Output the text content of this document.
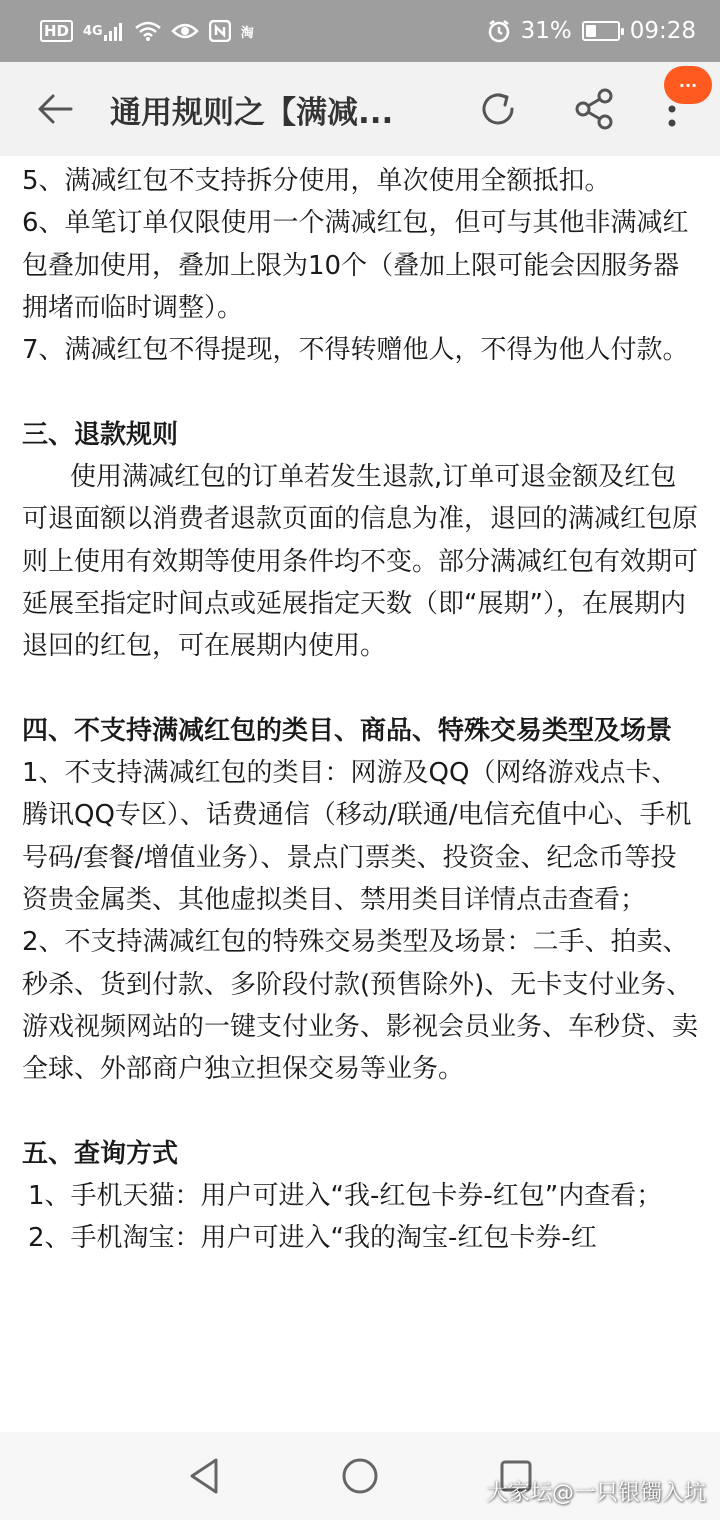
HD	4G	淘	31%	09:28
通用规则之【满减...
···

5、满减红包不支持拆分使用，单次使用全额抵扣。

6、单笔订单仅限使用一个满减红包，但可与其他非满减红包叠加使用，叠加上限为10个（叠加上限可能会因服务器拥堵而临时调整）。

7、满减红包不得提现，不得转赠他人，不得为他人付款。

三、退款规则

使用满减红包的订单若发生退款,订单可退金额及红包可退面额以消费者退款页面的信息为准，退回的满减红包原则上使用有效期等使用条件均不变。部分满减红包有效期可延展至指定时间点或延展指定天数（即“展期”），在展期内退回的红包，可在展期内使用。

四、不支持满减红包的类目、商品、特殊交易类型及场景

1、不支持满减红包的类目：网游及QQ（网络游戏点卡、腾讯QQ专区）、话费通信（移动/联通/电信充值中心、手机号码/套餐/增值业务）、景点门票类、投资金、纪念币等投资贵金属类、其他虚拟类目、禁用类目详情点击查看；

2、不支持满减红包的特殊交易类型及场景：二手、拍卖、秒杀、货到付款、多阶段付款(预售除外)、无卡支付业务、游戏视频网站的一键支付业务、影视会员业务、车秒贷、卖全球、外部商户独立担保交易等业务。

五、查询方式

1、手机天猫：用户可进入“我-红包卡券-红包”内查看；

2、手机淘宝：用户可进入“我的淘宝-红包卡券-红

大家坛@一只银镯入坑
